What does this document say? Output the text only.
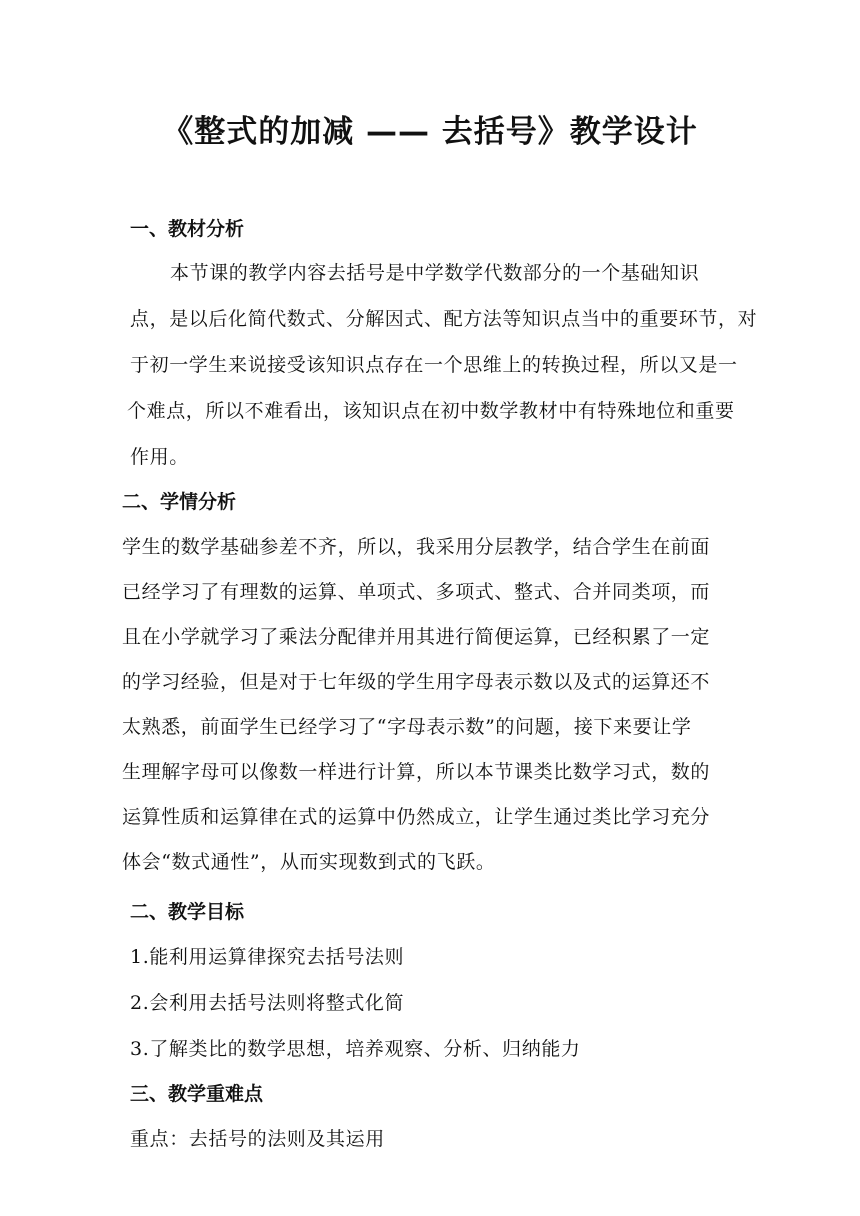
《整式的加减 —— 去括号》教学设计
一、教材分析
本节课的教学内容去括号是中学数学代数部分的一个基础知识
点，是以后化简代数式、分解因式、配方法等知识点当中的重要环节，对
于初一学生来说接受该知识点存在一个思维上的转换过程，所以又是一
个难点，所以不难看出，该知识点在初中数学教材中有特殊地位和重要
作用。
二、学情分析
学生的数学基础参差不齐，所以，我采用分层教学，结合学生在前面
已经学习了有理数的运算、单项式、多项式、整式、合并同类项，而
且在小学就学习了乘法分配律并用其进行简便运算，已经积累了一定
的学习经验，但是对于七年级的学生用字母表示数以及式的运算还不
太熟悉，前面学生已经学习了“字母表示数”的问题，接下来要让学
生理解字母可以像数一样进行计算，所以本节课类比数学习式，数的
运算性质和运算律在式的运算中仍然成立，让学生通过类比学习充分
体会“数式通性”，从而实现数到式的飞跃。
二、教学目标
1.能利用运算律探究去括号法则
2.会利用去括号法则将整式化简
3.了解类比的数学思想，培养观察、分析、归纳能力
三、教学重难点
重点：去括号的法则及其运用
